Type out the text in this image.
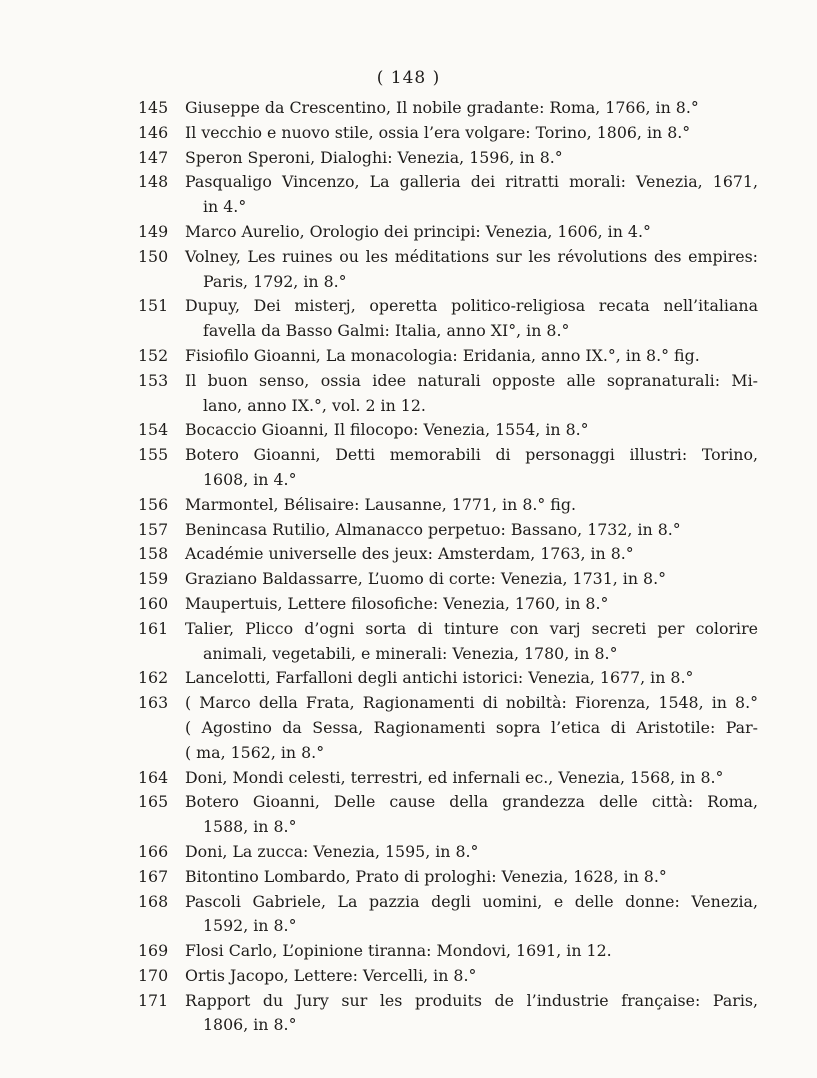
( 148 )
145	Giuseppe da Crescentino, Il nobile gradante: Roma, 1766, in 8.°
146	Il vecchio e nuovo stile, ossia l’era volgare: Torino, 1806, in 8.°
147	Speron Speroni, Dialoghi: Venezia, 1596, in 8.°
148	Pasqualigo Vincenzo, La galleria dei ritratti morali: Venezia, 1671,
in 4.°
149	Marco Aurelio, Orologio dei principi: Venezia, 1606, in 4.°
150	Volney, Les ruines ou les méditations sur les révolutions des empires:
Paris, 1792, in 8.°
151	Dupuy, Dei misterj, operetta politico-religiosa recata nell’italiana
favella da Basso Galmi: Italia, anno XI°, in 8.°
152	Fisiofilo Gioanni, La monacologia: Eridania, anno IX.°, in 8.° fig.
153	Il buon senso, ossia idee naturali opposte alle sopranaturali: Mi-
lano, anno IX.°, vol. 2 in 12.
154	Bocaccio Gioanni, Il filocopo: Venezia, 1554, in 8.°
155	Botero Gioanni, Detti memorabili di personaggi illustri: Torino,
1608, in 4.°
156	Marmontel, Bélisaire: Lausanne, 1771, in 8.° fig.
157	Benincasa Rutilio, Almanacco perpetuo: Bassano, 1732, in 8.°
158	Académie universelle des jeux: Amsterdam, 1763, in 8.°
159	Graziano Baldassarre, L’uomo di corte: Venezia, 1731, in 8.°
160	Maupertuis, Lettere filosofiche: Venezia, 1760, in 8.°
161	Talier, Plicco d’ogni sorta di tinture con varj secreti per colorire
animali, vegetabili, e minerali: Venezia, 1780, in 8.°
162	Lancelotti, Farfalloni degli antichi istorici: Venezia, 1677, in 8.°
163	( Marco della Frata, Ragionamenti di nobiltà: Fiorenza, 1548, in 8.°
( Agostino da Sessa, Ragionamenti sopra l’etica di Aristotile: Par-
( ma, 1562, in 8.°
164	Doni, Mondi celesti, terrestri, ed infernali ec., Venezia, 1568, in 8.°
165	Botero Gioanni, Delle cause della grandezza delle città: Roma,
1588, in 8.°
166	Doni, La zucca: Venezia, 1595, in 8.°
167	Bitontino Lombardo, Prato di prologhi: Venezia, 1628, in 8.°
168	Pascoli Gabriele, La pazzia degli uomini, e delle donne: Venezia,
1592, in 8.°
169	Flosi Carlo, L’opinione tiranna: Mondovi, 1691, in 12.
170	Ortis Jacopo, Lettere: Vercelli, in 8.°
171	Rapport du Jury sur les produits de l’industrie française: Paris,
1806, in 8.°
